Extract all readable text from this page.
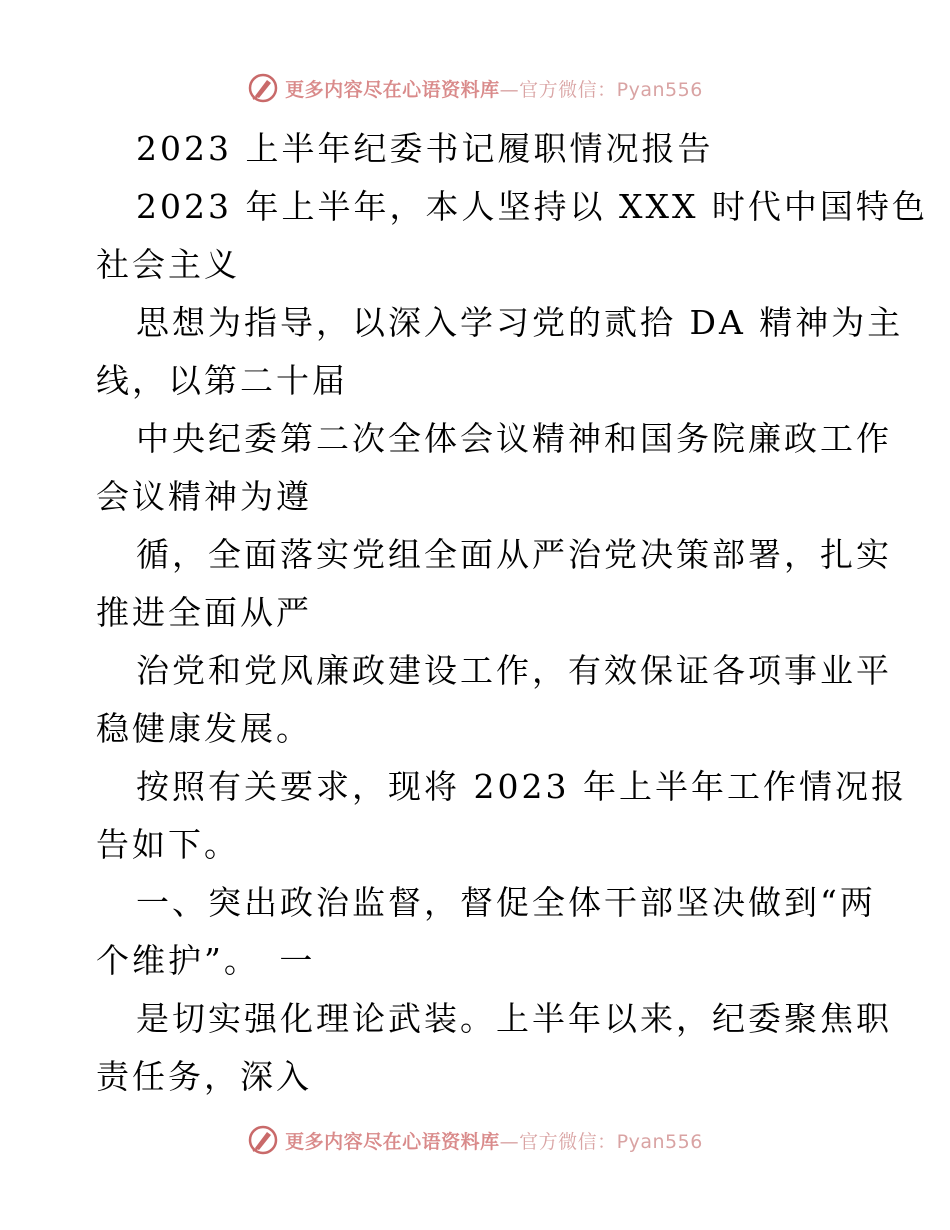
更多内容尽在心语资料库—官方微信：Pyan556
2023 上半年纪委书记履职情况报告
2023 年上半年，本人坚持以 XXX 时代中国特色
社会主义
思想为指导，以深入学习党的贰拾 DA 精神为主
线，以第二十届
中央纪委第二次全体会议精神和国务院廉政工作
会议精神为遵
循，全面落实党组全面从严治党决策部署，扎实
推进全面从严
治党和党风廉政建设工作，有效保证各项事业平
稳健康发展。
按照有关要求，现将 2023 年上半年工作情况报
告如下。
一、突出政治监督，督促全体干部坚决做到“两
个维护”。　一
是切实强化理论武装。上半年以来，纪委聚焦职
责任务，深入
更多内容尽在心语资料库—官方微信：Pyan556
